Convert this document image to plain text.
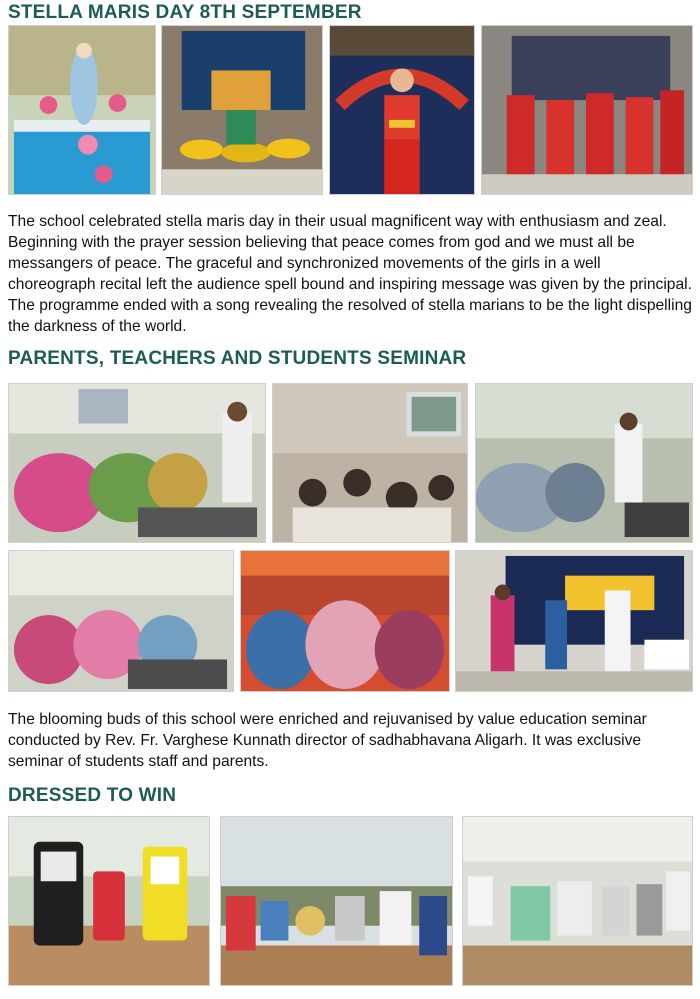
STELLA MARIS DAY 8TH SEPTEMBER

The school celebrated stella maris day in their usual magnificent way with enthusiasm and zeal. Beginning with the prayer session believing that peace comes from god and we must all be messangers of peace. The graceful and synchronized movements of the girls in a well choreograph recital left the audience spell bound and inspiring message was given by the principal. The programme ended with a song revealing the resolved of stella marians to be the light dispelling the darkness of the world.

PARENTS, TEACHERS AND STUDENTS SEMINAR

The blooming buds of this school were enriched and rejuvanised by value education seminar conducted by Rev. Fr. Varghese Kunnath director of sadhabhavana Aligarh. It was exclusive seminar of students staff and parents.

DRESSED TO WIN
